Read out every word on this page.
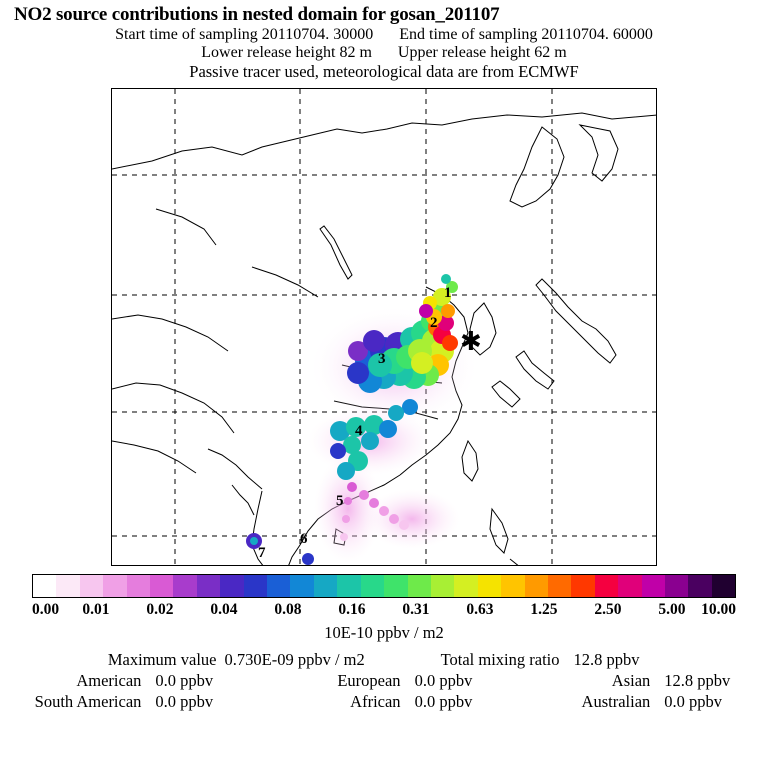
NO2 source contributions in nested domain for gosan_201107
Start time of sampling 20110704. 30000 End time of sampling 20110704. 60000
Lower release height 82 m Upper release height 62 m
Passive tracer used, meteorological data are from ECMWF
✱
1
2
3
4
5
6
7
0.00 0.01 0.02 0.04 0.08 0.16 0.31 0.63 1.25 2.50 5.00 10.00
10E-10 ppbv / m2
Maximum value 0.730E-09 ppbv / m2	Total mixing ratio 12.8 ppbv
American 0.0 ppbv	European 0.0 ppbv	Asian 12.8 ppbv
South American 0.0 ppbv	African 0.0 ppbv	Australian 0.0 ppbv
